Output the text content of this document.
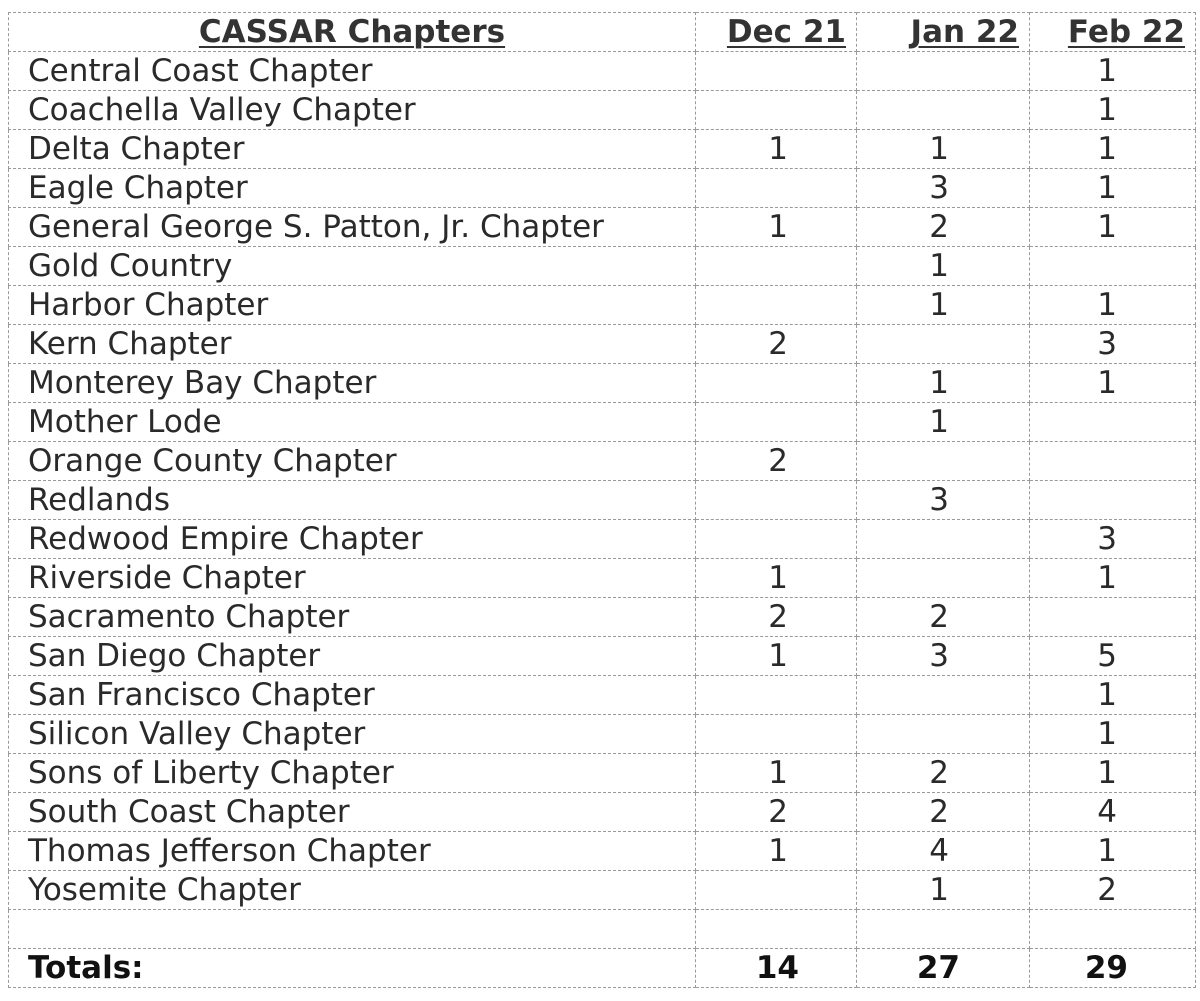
CASSAR Chapters	Dec 21	Jan 22	Feb 22
Central Coast Chapter			1
Coachella Valley Chapter			1
Delta Chapter	1	1	1
Eagle Chapter		3	1
General George S. Patton, Jr. Chapter	1	2	1
Gold Country		1	
Harbor Chapter		1	1
Kern Chapter	2		3
Monterey Bay Chapter		1	1
Mother Lode		1	
Orange County Chapter	2		
Redlands		3	
Redwood Empire Chapter			3
Riverside Chapter	1		1
Sacramento Chapter	2	2	
San Diego Chapter	1	3	5
San Francisco Chapter			1
Silicon Valley Chapter			1
Sons of Liberty Chapter	1	2	1
South Coast Chapter	2	2	4
Thomas Jefferson Chapter	1	4	1
Yosemite Chapter		1	2

Totals:	14	27	29
